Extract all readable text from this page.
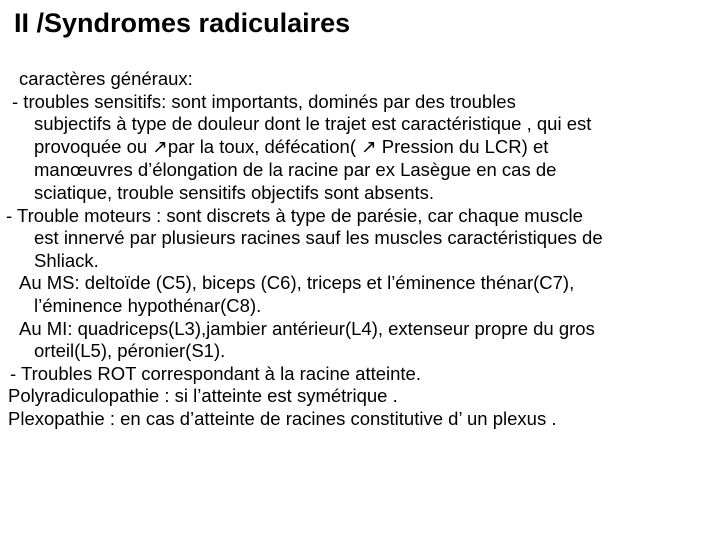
II /Syndromes radiculaires
caractères généraux:
- troubles sensitifs: sont importants, dominés par des troubles
subjectifs à type de douleur dont le trajet est caractéristique , qui est
provoquée ou ↗par la toux, défécation( ↗ Pression du LCR) et
manœuvres d’élongation de la racine par ex Lasègue en cas de
sciatique, trouble sensitifs objectifs sont absents.
- Trouble moteurs : sont discrets à type de parésie, car chaque muscle
est innervé par plusieurs racines sauf les muscles caractéristiques de
Shliack.
Au MS: deltoïde (C5), biceps (C6), triceps et l’éminence thénar(C7),
l’éminence hypothénar(C8).
Au MI: quadriceps(L3),jambier antérieur(L4), extenseur propre du gros
orteil(L5), péronier(S1).
- Troubles ROT correspondant à la racine atteinte.
Polyradiculopathie : si l’atteinte est symétrique .
Plexopathie : en cas d’atteinte de racines constitutive d’ un plexus .
